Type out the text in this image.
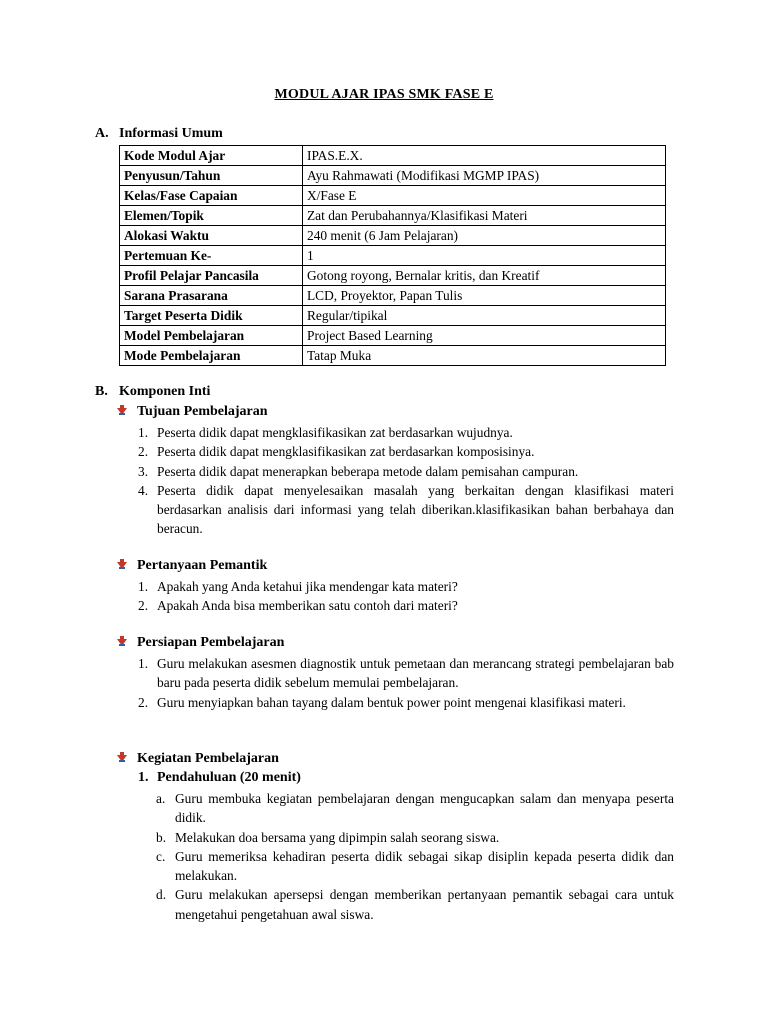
MODUL AJAR IPAS SMK FASE E
A. Informasi Umum
Kode Modul Ajar	IPAS.E.X.
Penyusun/Tahun	Ayu Rahmawati (Modifikasi MGMP IPAS)
Kelas/Fase Capaian	X/Fase E
Elemen/Topik	Zat dan Perubahannya/Klasifikasi Materi
Alokasi Waktu	240 menit (6 Jam Pelajaran)
Pertemuan Ke-	1
Profil Pelajar Pancasila	Gotong royong, Bernalar kritis, dan Kreatif
Sarana Prasarana	LCD, Proyektor, Papan Tulis
Target Peserta Didik	Regular/tipikal
Model Pembelajaran	Project Based Learning
Mode Pembelajaran	Tatap Muka
B. Komponen Inti
Tujuan Pembelajaran
1. Peserta didik dapat mengklasifikasikan zat berdasarkan wujudnya.
2. Peserta didik dapat mengklasifikasikan zat berdasarkan komposisinya.
3. Peserta didik dapat menerapkan beberapa metode dalam pemisahan campuran.
4. Peserta didik dapat menyelesaikan masalah yang berkaitan dengan klasifikasi materi berdasarkan analisis dari informasi yang telah diberikan.klasifikasikan bahan berbahaya dan beracun.
Pertanyaan Pemantik
1. Apakah yang Anda ketahui jika mendengar kata materi?
2. Apakah Anda bisa memberikan satu contoh dari materi?
Persiapan Pembelajaran
1. Guru melakukan asesmen diagnostik untuk pemetaan dan merancang strategi pembelajaran bab baru pada peserta didik sebelum memulai pembelajaran.
2. Guru menyiapkan bahan tayang dalam bentuk power point mengenai klasifikasi materi.
Kegiatan Pembelajaran
1. Pendahuluan (20 menit)
a. Guru membuka kegiatan pembelajaran dengan mengucapkan salam dan menyapa peserta didik.
b. Melakukan doa bersama yang dipimpin salah seorang siswa.
c. Guru memeriksa kehadiran peserta didik sebagai sikap disiplin kepada peserta didik dan melakukan.
d. Guru melakukan apersepsi dengan memberikan pertanyaan pemantik sebagai cara untuk mengetahui pengetahuan awal siswa.
